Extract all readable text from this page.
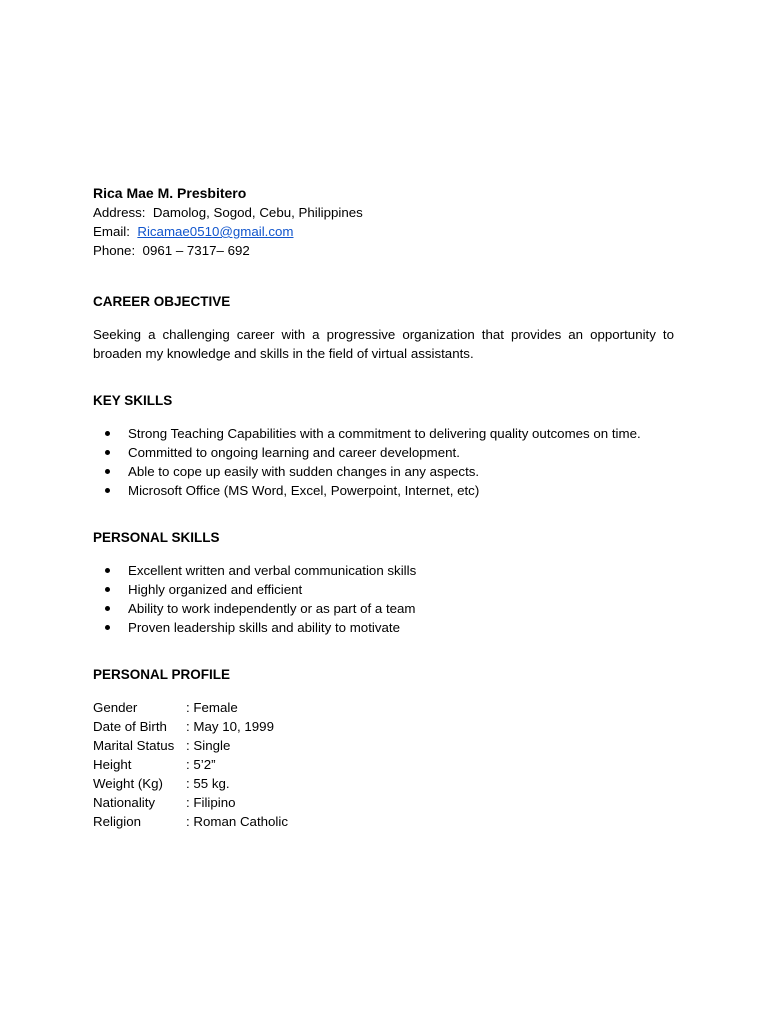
Rica Mae M. Presbitero
Address: Damolog, Sogod, Cebu, Philippines
Email: Ricamae0510@gmail.com
Phone: 0961 – 7317– 692
CAREER OBJECTIVE
Seeking a challenging career with a progressive organization that provides an opportunity to broaden my knowledge and skills in the field of virtual assistants.
KEY SKILLS
Strong Teaching Capabilities with a commitment to delivering quality outcomes on time.
Committed to ongoing learning and career development.
Able to cope up easily with sudden changes in any aspects.
Microsoft Office (MS Word, Excel, Powerpoint, Internet, etc)
PERSONAL SKILLS
Excellent written and verbal communication skills
Highly organized and efficient
Ability to work independently or as part of a team
Proven leadership skills and ability to motivate
PERSONAL PROFILE
Gender	: Female
Date of Birth	: May 10, 1999
Marital Status : Single
Height	: 5’2”
Weight (Kg)	: 55 kg.
Nationality	: Filipino
Religion	: Roman Catholic
